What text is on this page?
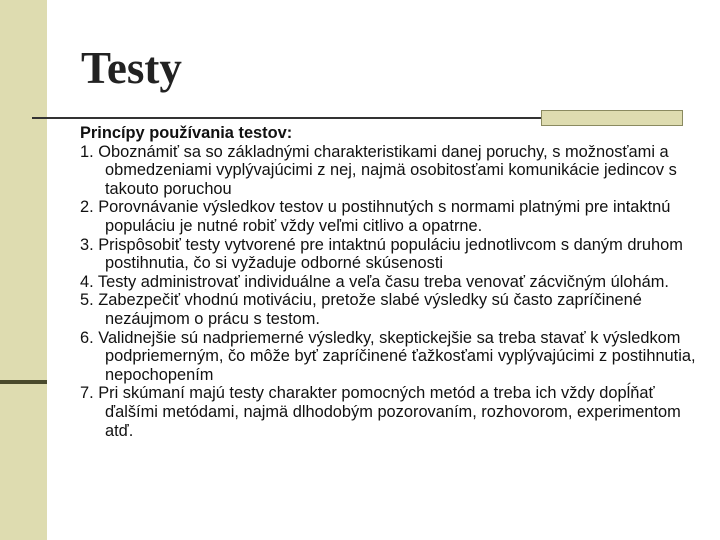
Testy

Princípy používania testov:

1. Oboznámiť sa so základnými charakteristikami danej poruchy, s možnosťami a obmedzeniami vyplývajúcimi z nej, najmä osobitosťami komunikácie jedincov s takouto poruchou
2. Porovnávanie výsledkov testov u postihnutých s normami platnými pre intaktnú populáciu je nutné robiť vždy veľmi citlivo a opatrne.
3. Prispôsobiť testy vytvorené pre intaktnú populáciu jednotlivcom s daným druhom postihnutia, čo si vyžaduje odborné skúsenosti
4. Testy administrovať individuálne a veľa času treba venovať zácvičným úlohám.
5. Zabezpečiť vhodnú motiváciu, pretože slabé výsledky sú často zapríčinené nezáujmom o prácu s testom.
6. Validnejšie sú nadpriemerné výsledky, skeptickejšie sa treba stavať k výsledkom podpriemerným, čo môže byť zapríčinené ťažkosťami vyplývajúcimi z postihnutia, nepochopením
7. Pri skúmaní majú testy charakter pomocných metód a treba ich vždy dopĺňať ďalšími metódami, najmä dlhodobým pozorovaním, rozhovorom, experimentom atď.
